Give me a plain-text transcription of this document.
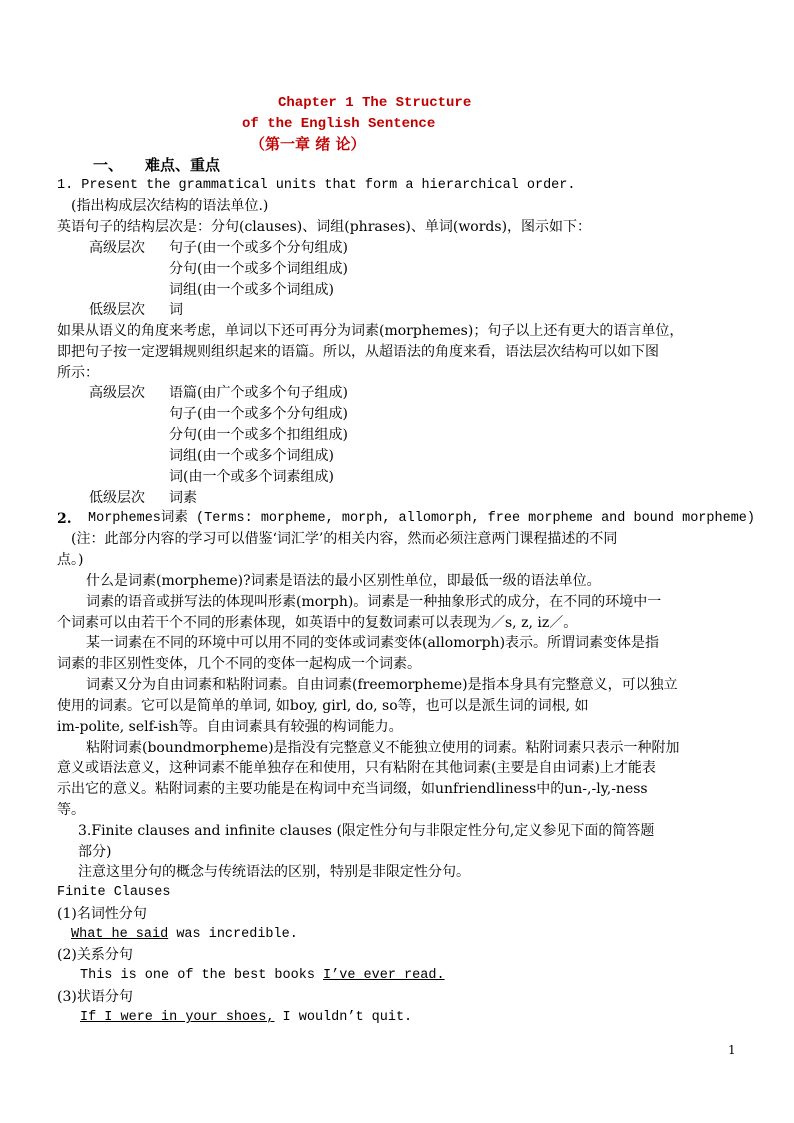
Chapter 1 The Structure
of the English Sentence
（第一章 绪 论）
一、 难点、重点
1. Present the grammatical units that form a hierarchical order.
(指出构成层次结构的语法单位.)
英语句子的结构层次是：分句(clauses)、词组(phrases)、单词(words)，图示如下：
高级层次 句子(由一个或多个分句组成)
分句(由一个或多个词组组成)
词组(由一个或多个词组成)
低级层次 词
如果从语义的角度来考虑，单词以下还可再分为词素(morphemes)；句子以上还有更大的语言单位，
即把句子按一定逻辑规则组织起来的语篇。所以，从超语法的角度来看，语法层次结构可以如下图
所示：
高级层次 语篇(由广个或多个句子组成)
句子(由一个或多个分句组成)
分句(由一个或多个扣组组成)
词组(由一个或多个词组成)
词(由一个或多个词素组成)
低级层次 词素
2. Morphemes词素 (Terms: morpheme, morph, allomorph, free morpheme and bound morpheme)
(注：此部分内容的学习可以借鉴‘词汇学’的相关内容，然而必须注意两门课程描述的不同
点。)
什么是词素(morpheme)?词素是语法的最小区别性单位，即最低一级的语法单位。
词素的语音或拼写法的体现叫形素(morph)。词素是一种抽象形式的成分，在不同的环境中一
个词素可以由若干个不同的形素体现，如英语中的复数词素可以表现为／s, z, iz／。
某一词素在不同的环境中可以用不同的变体或词素变体(allomorph)表示。所谓词素变体是指
词素的非区别性变体，几个不同的变体一起构成一个词素。
词素又分为自由词素和粘附词素。自由词素(freemorpheme)是指本身具有完整意义，可以独立
使用的词素。它可以是简单的单词, 如boy, girl, do, so等，也可以是派生词的词根, 如
im-polite, self-ish等。自由词素具有较强的构词能力。
粘附词素(boundmorpheme)是指没有完整意义不能独立使用的词素。粘附词素只表示一种附加
意义或语法意义，这种词素不能单独存在和使用，只有粘附在其他词素(主要是自由词素)上才能表
示出它的意义。粘附词素的主要功能是在构词中充当词缀，如unfriendliness中的un-,-ly,-ness
等。
3.Finite clauses and infinite clauses (限定性分句与非限定性分句,定义参见下面的简答题
部分)
注意这里分句的概念与传统语法的区别，特别是非限定性分句。
Finite Clauses
(1)名词性分句
What he said was incredible.
(2)关系分句
This is one of the best books I’ve ever read.
(3)状语分句
If I were in your shoes, I wouldn’t quit.
1
